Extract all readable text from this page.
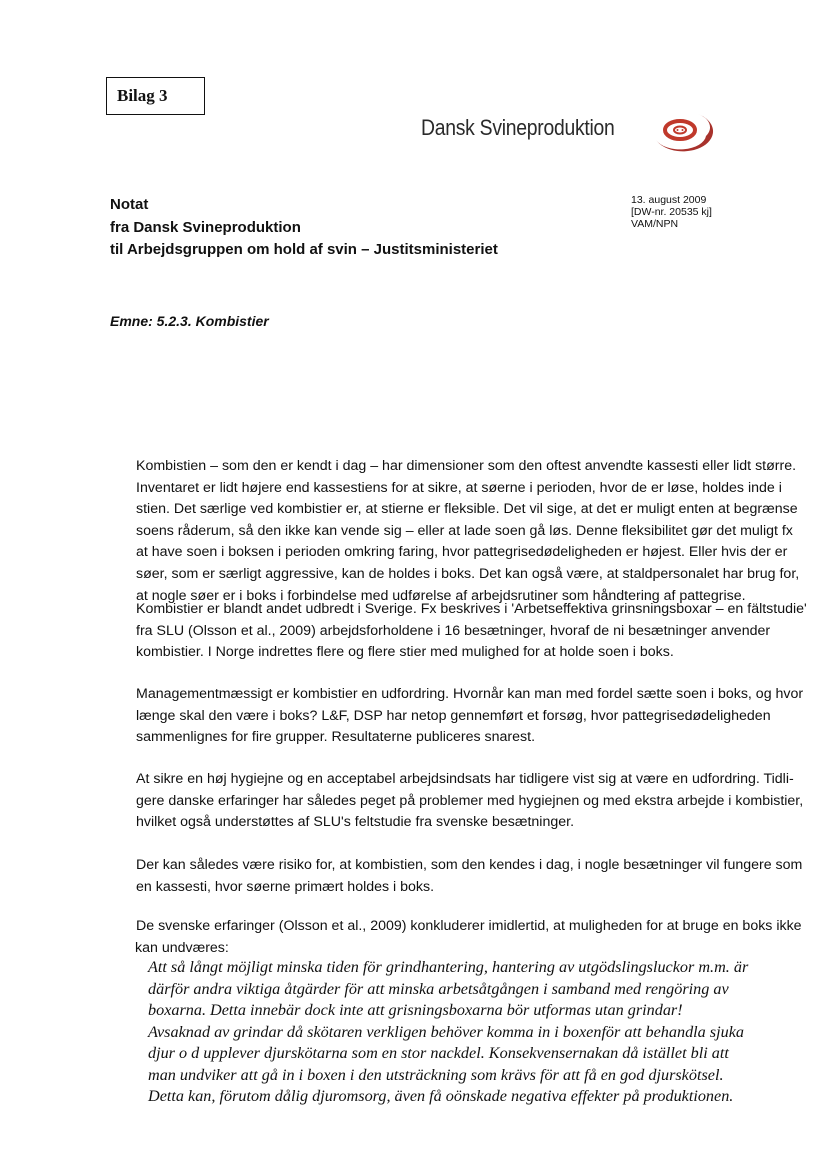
Bilag 3
Dansk Svineproduktion
Notat
fra Dansk Svineproduktion
til Arbejdsgruppen om hold af svin – Justitsministeriet
13. august 2009
[DW-nr. 20535 kj]
VAM/NPN
Emne: 5.2.3. Kombistier
Kombistien – som den er kendt i dag – har dimensioner som den oftest anvendte kassesti eller lidt større.
Inventaret er lidt højere end kassestiens for at sikre, at søerne i perioden, hvor de er løse, holdes inde i
stien. Det særlige ved kombistier er, at stierne er fleksible. Det vil sige, at det er muligt enten at begrænse
soens råderum, så den ikke kan vende sig – eller at lade soen gå løs. Denne fleksibilitet gør det muligt fx
at have soen i boksen i perioden omkring faring, hvor pattegrisedødeligheden er højest. Eller hvis der er
søer, som er særligt aggressive, kan de holdes i boks. Det kan også være, at staldpersonalet har brug for,
at nogle søer er i boks i forbindelse med udførelse af arbejdsrutiner som håndtering af pattegrise.
Kombistier er blandt andet udbredt i Sverige. Fx beskrives i 'Arbetseffektiva grinsningsboxar – en fältstudie'
fra SLU (Olsson et al., 2009) arbejdsforholdene i 16 besætninger, hvoraf de ni besætninger anvender
kombistier. I Norge indrettes flere og flere stier med mulighed for at holde soen i boks.
Managementmæssigt er kombistier en udfordring. Hvornår kan man med fordel sætte soen i boks, og hvor
længe skal den være i boks? L&F, DSP har netop gennemført et forsøg, hvor pattegrisedødeligheden
sammenlignes for fire grupper. Resultaterne publiceres snarest.
At sikre en høj hygiejne og en acceptabel arbejdsindsats har tidligere vist sig at være en udfordring. Tidli-
gere danske erfaringer har således peget på problemer med hygiejnen og med ekstra arbejde i kombistier,
hvilket også understøttes af SLU's feltstudie fra svenske besætninger.
Der kan således være risiko for, at kombistien, som den kendes i dag, i nogle besætninger vil fungere som
en kassesti, hvor søerne primært holdes i boks.
De svenske erfaringer (Olsson et al., 2009) konkluderer imidlertid, at muligheden for at bruge en boks ikke
kan undværes:
Att så långt möjligt minska tiden för grindhantering, hantering av utgödslingsluckor m.m. är
därför andra viktiga åtgärder för att minska arbetsåtgången i samband med rengöring av
boxarna. Detta innebär dock inte att grisningsboxarna bör utformas utan grindar!
Avsaknad av grindar då skötaren verkligen behöver komma in i boxenför att behandla sjuka
djur o d upplever djurskötarna som en stor nackdel. Konsekvensernakan då istället bli att
man undviker att gå in i boxen i den utsträckning som krävs för att få en god djurskötsel.
Detta kan, förutom dålig djuromsorg, även få oönskade negativa effekter på produktionen.
